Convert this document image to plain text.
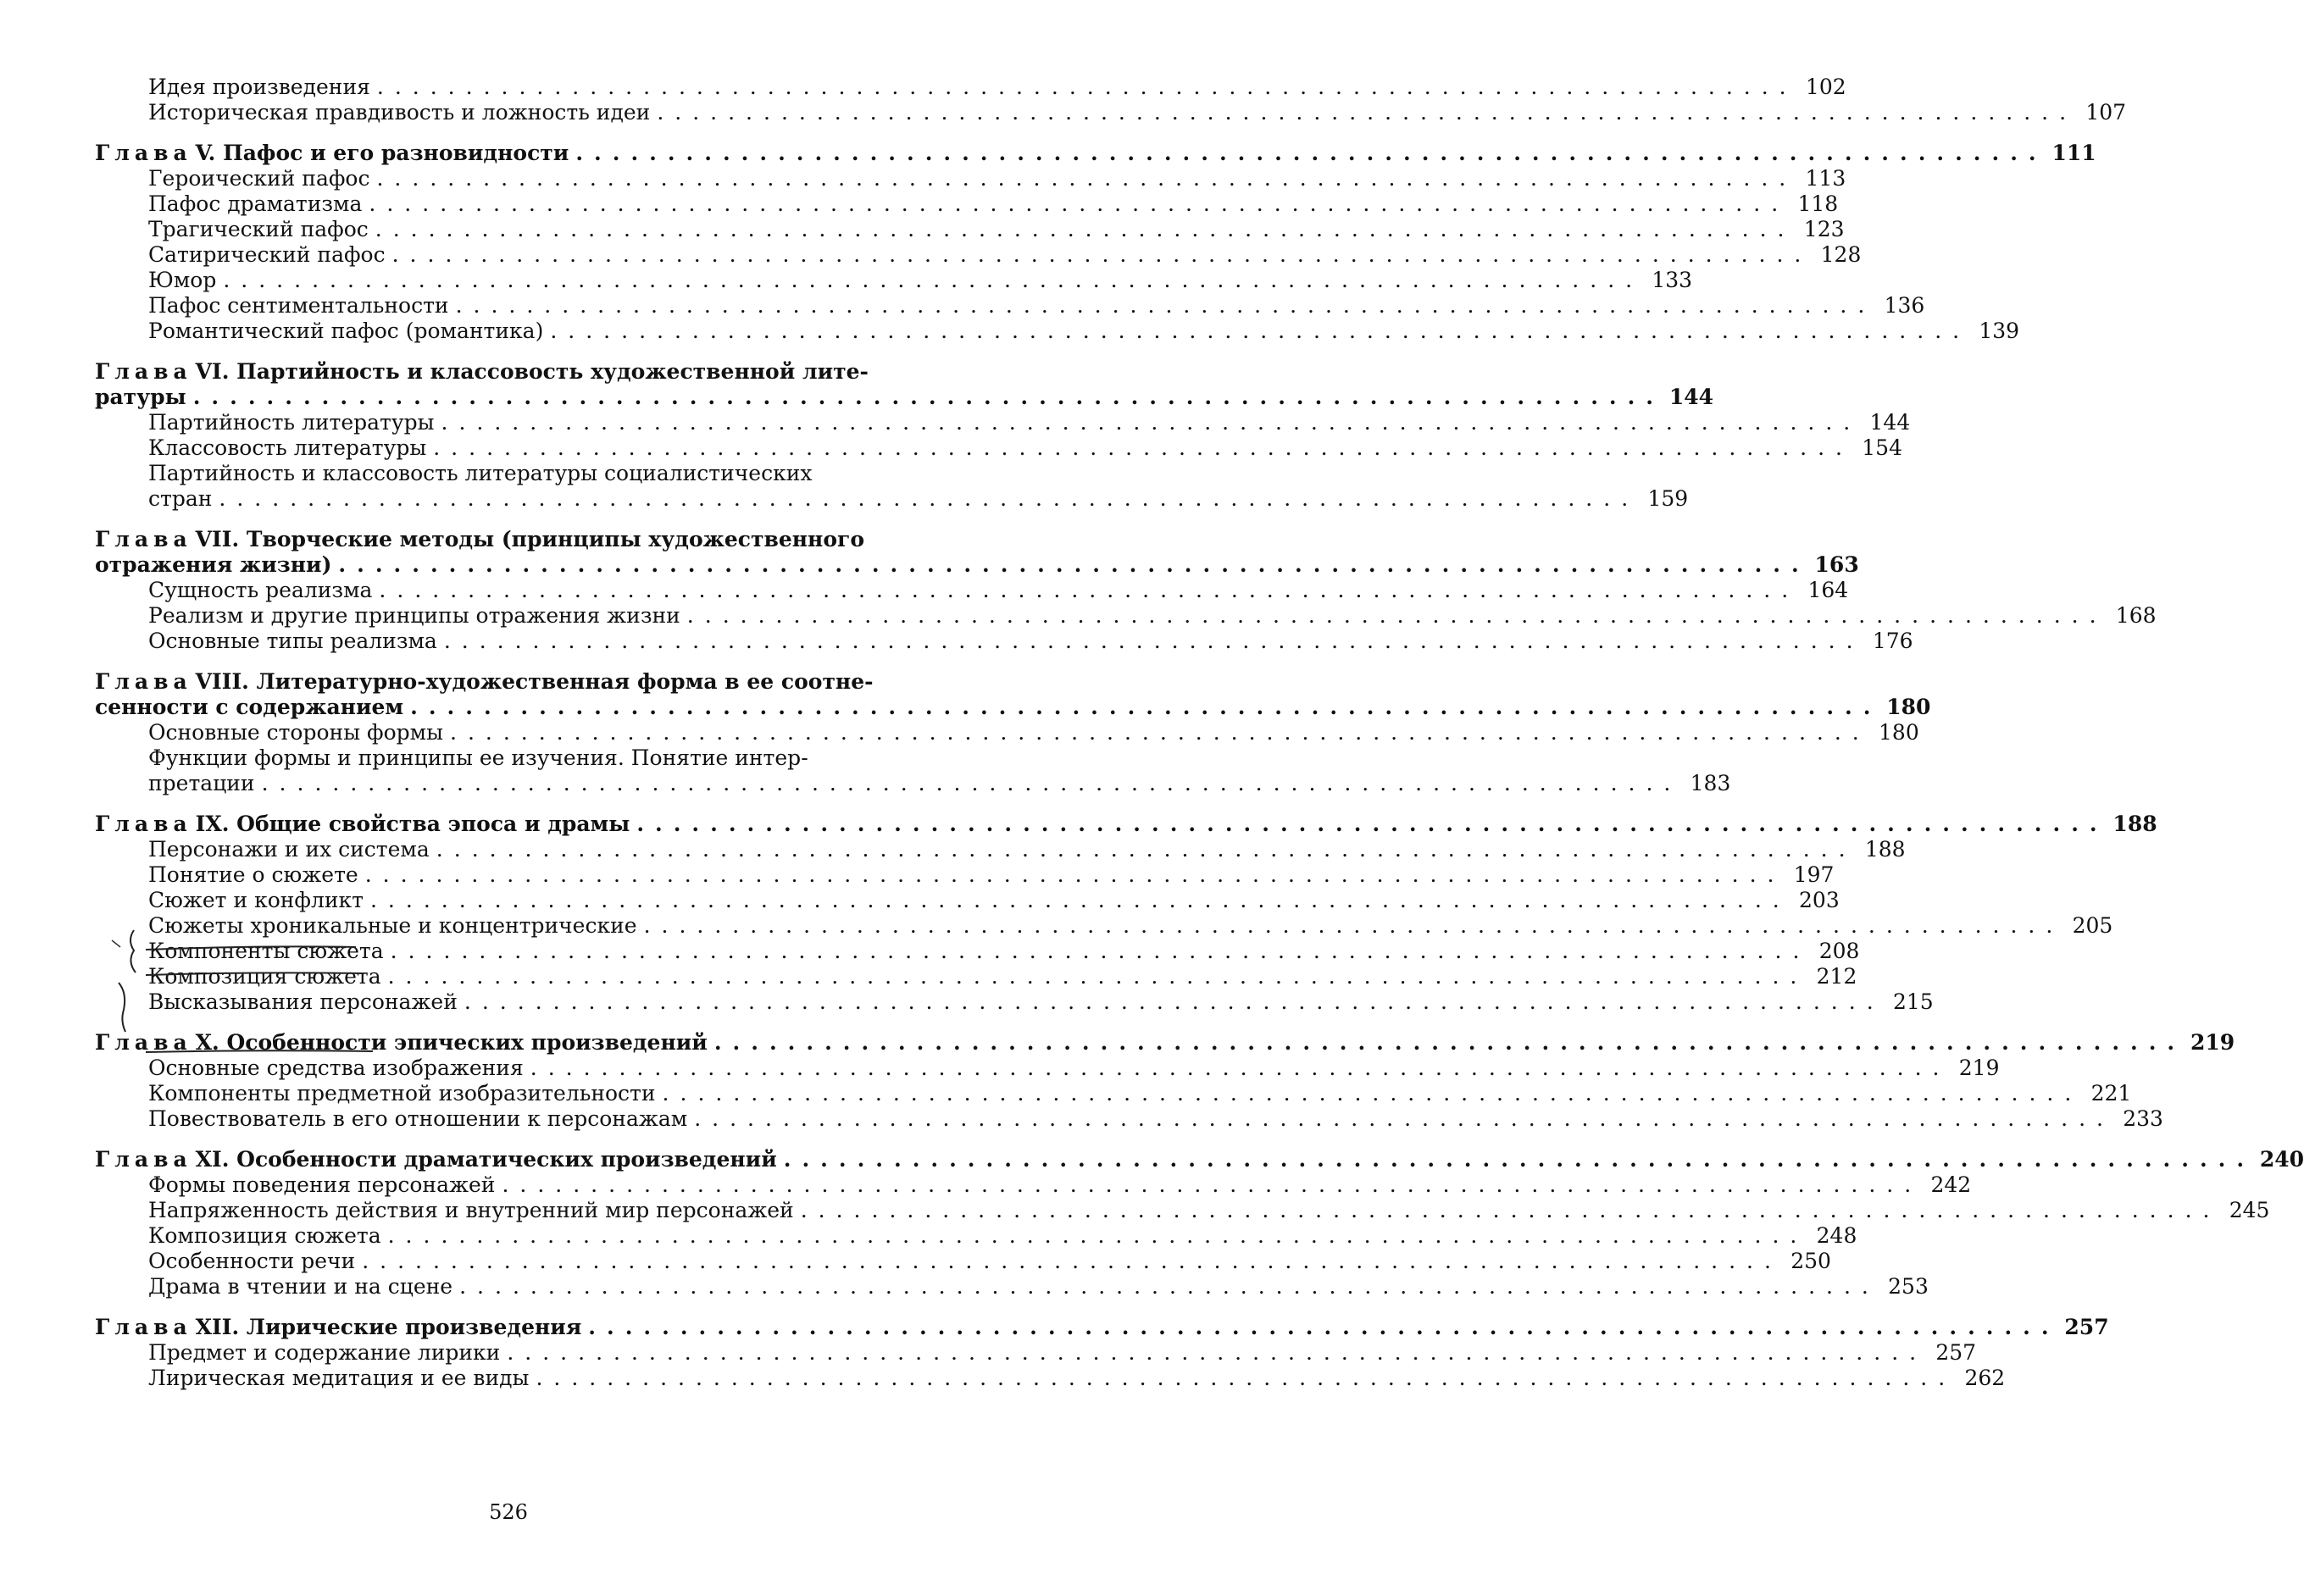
Идея произведения ................................................................................ 102
Историческая правдивость и ложность идеи ................................................................................ 107
Глава V. Пафос и его разновидности ................................................................................ 111
Героический пафос ................................................................................ 113
Пафос драматизма ................................................................................ 118
Трагический пафос ................................................................................ 123
Сатирический пафос ................................................................................ 128
Юмор ................................................................................ 133
Пафос сентиментальности ................................................................................ 136
Романтический пафос (романтика) ................................................................................ 139
Глава VI. Партийность и классовость художественной лите-
ратуры ................................................................................ 144
Партийность литературы ................................................................................ 144
Классовость литературы ................................................................................ 154
Партийность и классовость литературы социалистических
стран ................................................................................ 159
Глава VII. Творческие методы (принципы художественного
отражения жизни) ................................................................................ 163
Сущность реализма ................................................................................ 164
Реализм и другие принципы отражения жизни ................................................................................ 168
Основные типы реализма ................................................................................ 176
Глава VIII. Литературно-художественная форма в ее соотне-
сенности с содержанием ................................................................................ 180
Основные стороны формы ................................................................................ 180
Функции формы и принципы ее изучения. Понятие интер-
претации ................................................................................ 183
Глава IX. Общие свойства эпоса и драмы ................................................................................ 188
Персонажи и их система ................................................................................ 188
Понятие о сюжете ................................................................................ 197
Сюжет и конфликт ................................................................................ 203
Сюжеты хроникальные и концентрические ................................................................................ 205
Компоненты сюжета ................................................................................ 208
Композиция сюжета ................................................................................ 212
Высказывания персонажей ................................................................................ 215
Глава X. Особенности эпических произведений ................................................................................ 219
Основные средства изображения ................................................................................ 219
Компоненты предметной изобразительности ................................................................................ 221
Повествователь в его отношении к персонажам ................................................................................ 233
Глава XI. Особенности драматических произведений ................................................................................ 240
Формы поведения персонажей ................................................................................ 242
Напряженность действия и внутренний мир персонажей ................................................................................ 245
Композиция сюжета ................................................................................ 248
Особенности речи ................................................................................ 250
Драма в чтении и на сцене ................................................................................ 253
Глава XII. Лирические произведения ................................................................................ 257
Предмет и содержание лирики ................................................................................ 257
Лирическая медитация и ее виды ................................................................................ 262
526
